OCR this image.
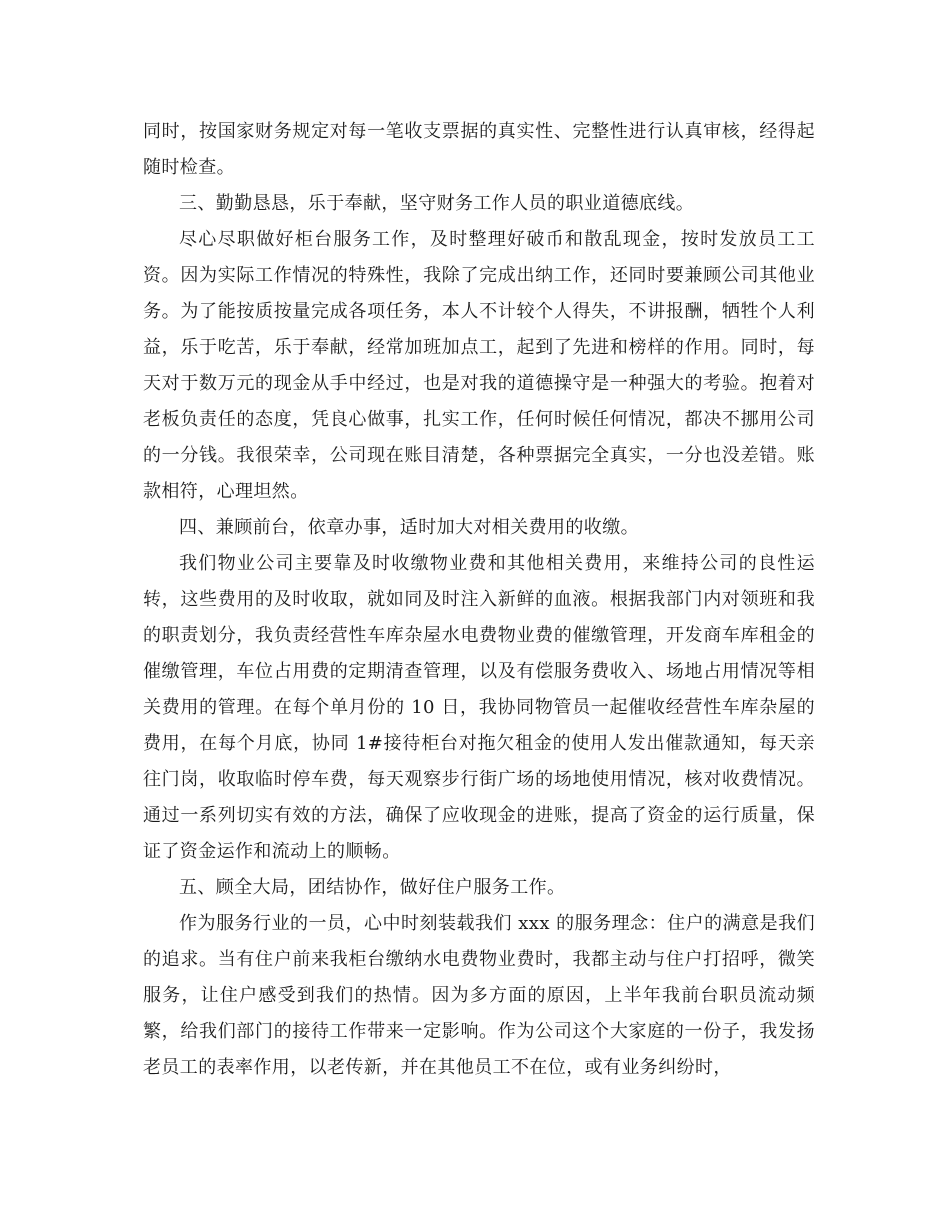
同时，按国家财务规定对每一笔收支票据的真实性、完整性进行认真审核，经得起随时检查。

三、勤勤恳恳，乐于奉献，坚守财务工作人员的职业道德底线。

尽心尽职做好柜台服务工作，及时整理好破币和散乱现金，按时发放员工工资。因为实际工作情况的特殊性，我除了完成出纳工作，还同时要兼顾公司其他业务。为了能按质按量完成各项任务，本人不计较个人得失，不讲报酬，牺牲个人利益，乐于吃苦，乐于奉献，经常加班加点工，起到了先进和榜样的作用。同时，每天对于数万元的现金从手中经过，也是对我的道德操守是一种强大的考验。抱着对老板负责任的态度，凭良心做事，扎实工作，任何时候任何情况，都决不挪用公司的一分钱。我很荣幸，公司现在账目清楚，各种票据完全真实，一分也没差错。账款相符，心理坦然。

四、兼顾前台，依章办事，适时加大对相关费用的收缴。

我们物业公司主要靠及时收缴物业费和其他相关费用，来维持公司的良性运转，这些费用的及时收取，就如同及时注入新鲜的血液。根据我部门内对领班和我的职责划分，我负责经营性车库杂屋水电费物业费的催缴管理，开发商车库租金的催缴管理，车位占用费的定期清查管理，以及有偿服务费收入、场地占用情况等相关费用的管理。在每个单月份的 10 日，我协同物管员一起催收经营性车库杂屋的费用，在每个月底，协同 1#接待柜台对拖欠租金的使用人发出催款通知，每天亲往门岗，收取临时停车费，每天观察步行街广场的场地使用情况，核对收费情况。通过一系列切实有效的方法，确保了应收现金的进账，提高了资金的运行质量，保证了资金运作和流动上的顺畅。

五、顾全大局，团结协作，做好住户服务工作。

作为服务行业的一员，心中时刻装载我们 xxx 的服务理念：住户的满意是我们的追求。当有住户前来我柜台缴纳水电费物业费时，我都主动与住户打招呼，微笑服务，让住户感受到我们的热情。因为多方面的原因，上半年我前台职员流动频繁，给我们部门的接待工作带来一定影响。作为公司这个大家庭的一份子，我发扬老员工的表率作用，以老传新，并在其他员工不在位，或有业务纠纷时，
